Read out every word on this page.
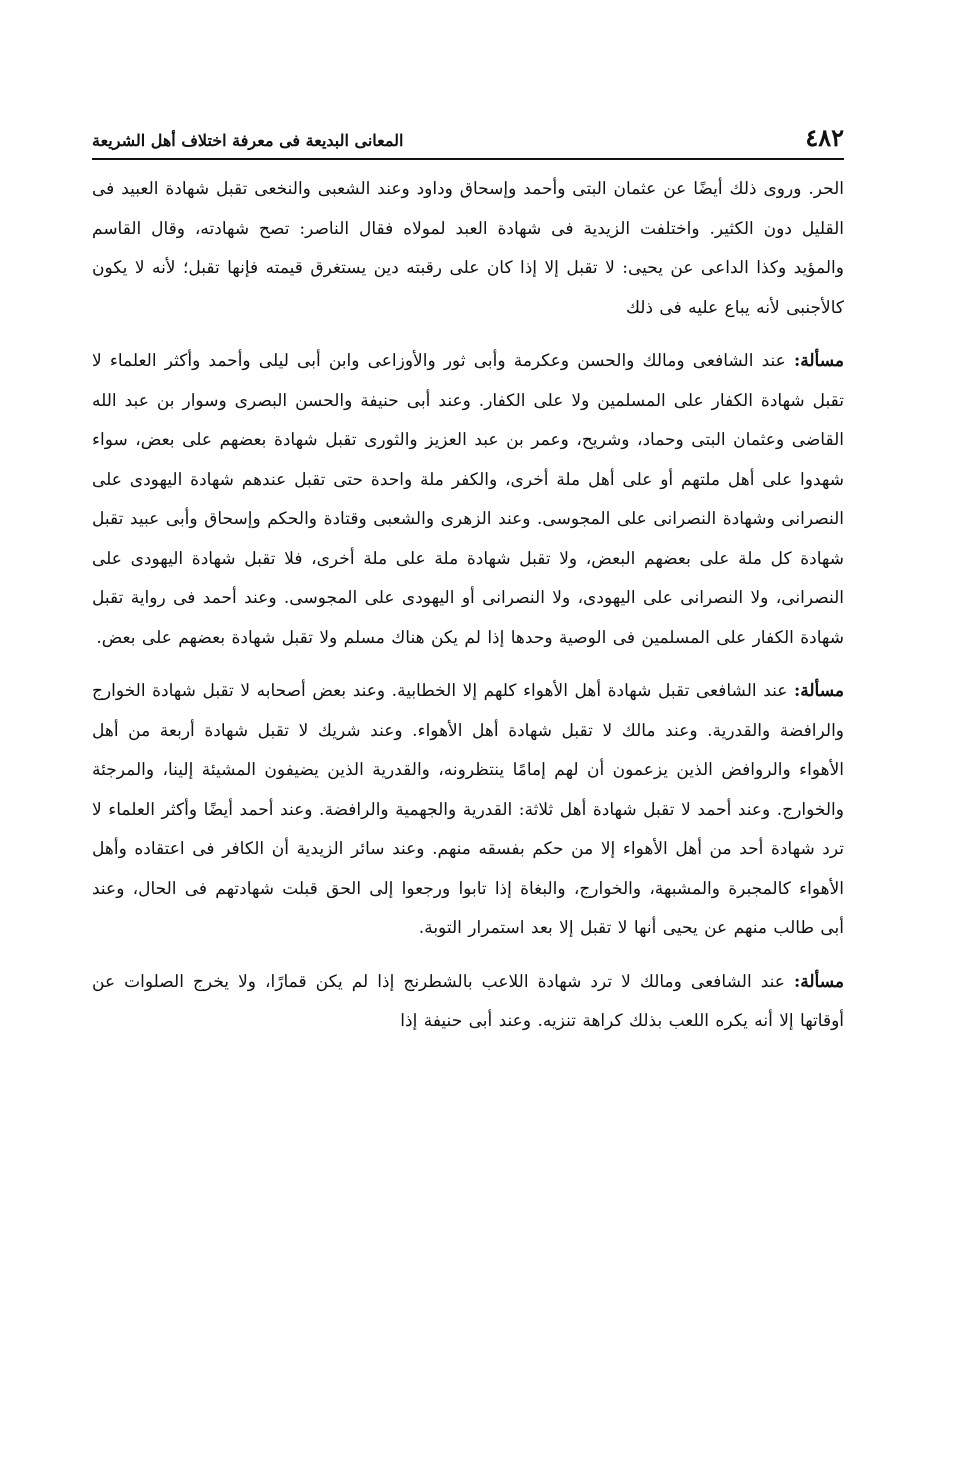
٤٨٢
المعانى البديعة فى معرفة اختلاف أهل الشريعة

الحر. وروى ذلك أيضًا عن عثمان البتى وأحمد وإسحاق وداود وعند الشعبى والنخعى تقبل شهادة العبيد فى القليل دون الكثير. واختلفت الزيدية فى شهادة العبد لمولاه فقال الناصر: تصح شهادته، وقال القاسم والمؤيد وكذا الداعى عن يحيى: لا تقبل إلا إذا كان على رقبته دين يستغرق قيمته فإنها تقبل؛ لأنه لا يكون كالأجنبى لأنه يباع عليه فى ذلك

مسألة: عند الشافعى ومالك والحسن وعكرمة وأبى ثور والأوزاعى وابن أبى ليلى وأحمد وأكثر العلماء لا تقبل شهادة الكفار على المسلمين ولا على الكفار. وعند أبى حنيفة والحسن البصرى وسوار بن عبد الله القاضى وعثمان البتى وحماد، وشريح، وعمر بن عبد العزيز والثورى تقبل شهادة بعضهم على بعض، سواء شهدوا على أهل ملتهم أو على أهل ملة أخرى، والكفر ملة واحدة حتى تقبل عندهم شهادة اليهودى على النصرانى وشهادة النصرانى على المجوسى. وعند الزهرى والشعبى وقتادة والحكم وإسحاق وأبى عبيد تقبل شهادة كل ملة على بعضهم البعض، ولا تقبل شهادة ملة على ملة أخرى، فلا تقبل شهادة اليهودى على النصرانى، ولا النصرانى على اليهودى، ولا النصرانى أو اليهودى على المجوسى. وعند أحمد فى رواية تقبل شهادة الكفار على المسلمين فى الوصية وحدها إذا لم يكن هناك مسلم ولا تقبل شهادة بعضهم على بعض.

مسألة: عند الشافعى تقبل شهادة أهل الأهواء كلهم إلا الخطابية. وعند بعض أصحابه لا تقبل شهادة الخوارج والرافضة والقدرية. وعند مالك لا تقبل شهادة أهل الأهواء. وعند شريك لا تقبل شهادة أربعة من أهل الأهواء والروافض الذين يزعمون أن لهم إمامًا ينتظرونه، والقدرية الذين يضيفون المشيئة إلينا، والمرجئة والخوارج. وعند أحمد لا تقبل شهادة أهل ثلاثة: القدرية والجهمية والرافضة. وعند أحمد أيضًا وأكثر العلماء لا ترد شهادة أحد من أهل الأهواء إلا من حكم بفسقه منهم. وعند سائر الزيدية أن الكافر فى اعتقاده وأهل الأهواء كالمجبرة والمشبهة، والخوارج، والبغاة إذا تابوا ورجعوا إلى الحق قبلت شهادتهم فى الحال، وعند أبى طالب منهم عن يحيى أنها لا تقبل إلا بعد استمرار التوبة.

مسألة: عند الشافعى ومالك لا ترد شهادة اللاعب بالشطرنج إذا لم يكن قمارًا، ولا يخرج الصلوات عن أوقاتها إلا أنه يكره اللعب بذلك كراهة تنزيه. وعند أبى حنيفة إذا
